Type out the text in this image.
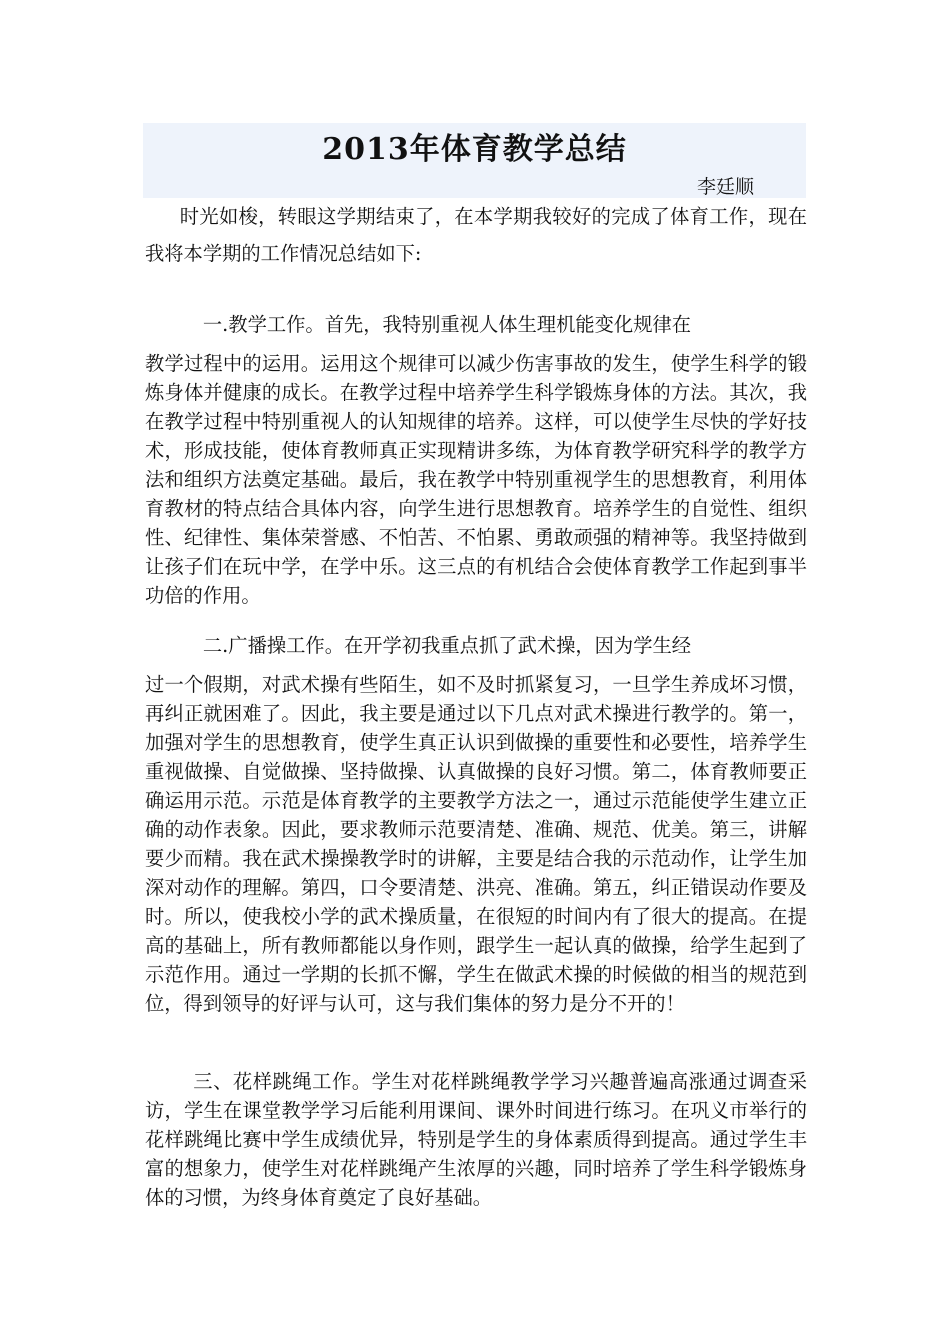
2013年体育教学总结
李廷顺
时光如梭，转眼这学期结束了，在本学期我较好的完成了体育工作，现在我将本学期的工作情况总结如下:
一.教学工作。首先，我特别重视人体生理机能变化规律在
教学过程中的运用。运用这个规律可以减少伤害事故的发生，使学生科学的锻炼身体并健康的成长。在教学过程中培养学生科学锻炼身体的方法。其次，我在教学过程中特别重视人的认知规律的培养。这样，可以使学生尽快的学好技术，形成技能，使体育教师真正实现精讲多练，为体育教学研究科学的教学方法和组织方法奠定基础。最后，我在教学中特别重视学生的思想教育，利用体育教材的特点结合具体内容，向学生进行思想教育。培养学生的自觉性、组织性、纪律性、集体荣誉感、不怕苦、不怕累、勇敢顽强的精神等。我坚持做到让孩子们在玩中学，在学中乐。这三点的有机结合会使体育教学工作起到事半功倍的作用。
二.广播操工作。在开学初我重点抓了武术操，因为学生经
过一个假期，对武术操有些陌生，如不及时抓紧复习，一旦学生养成坏习惯，再纠正就困难了。因此，我主要是通过以下几点对武术操进行教学的。第一，加强对学生的思想教育，使学生真正认识到做操的重要性和必要性，培养学生重视做操、自觉做操、坚持做操、认真做操的良好习惯。第二，体育教师要正确运用示范。示范是体育教学的主要教学方法之一，通过示范能使学生建立正确的动作表象。因此，要求教师示范要清楚、准确、规范、优美。第三，讲解要少而精。我在武术操操教学时的讲解，主要是结合我的示范动作，让学生加深对动作的理解。第四，口令要清楚、洪亮、准确。第五，纠正错误动作要及时。所以，使我校小学的武术操质量，在很短的时间内有了很大的提高。在提高的基础上，所有教师都能以身作则，跟学生一起认真的做操，给学生起到了示范作用。通过一学期的长抓不懈，学生在做武术操的时候做的相当的规范到位，得到领导的好评与认可，这与我们集体的努力是分不开的！
三、花样跳绳工作。学生对花样跳绳教学学习兴趣普遍高涨通过调查采访，学生在课堂教学学习后能利用课间、课外时间进行练习。在巩义市举行的花样跳绳比赛中学生成绩优异，特别是学生的身体素质得到提高。通过学生丰富的想象力，使学生对花样跳绳产生浓厚的兴趣，同时培养了学生科学锻炼身体的习惯，为终身体育奠定了良好基础。
